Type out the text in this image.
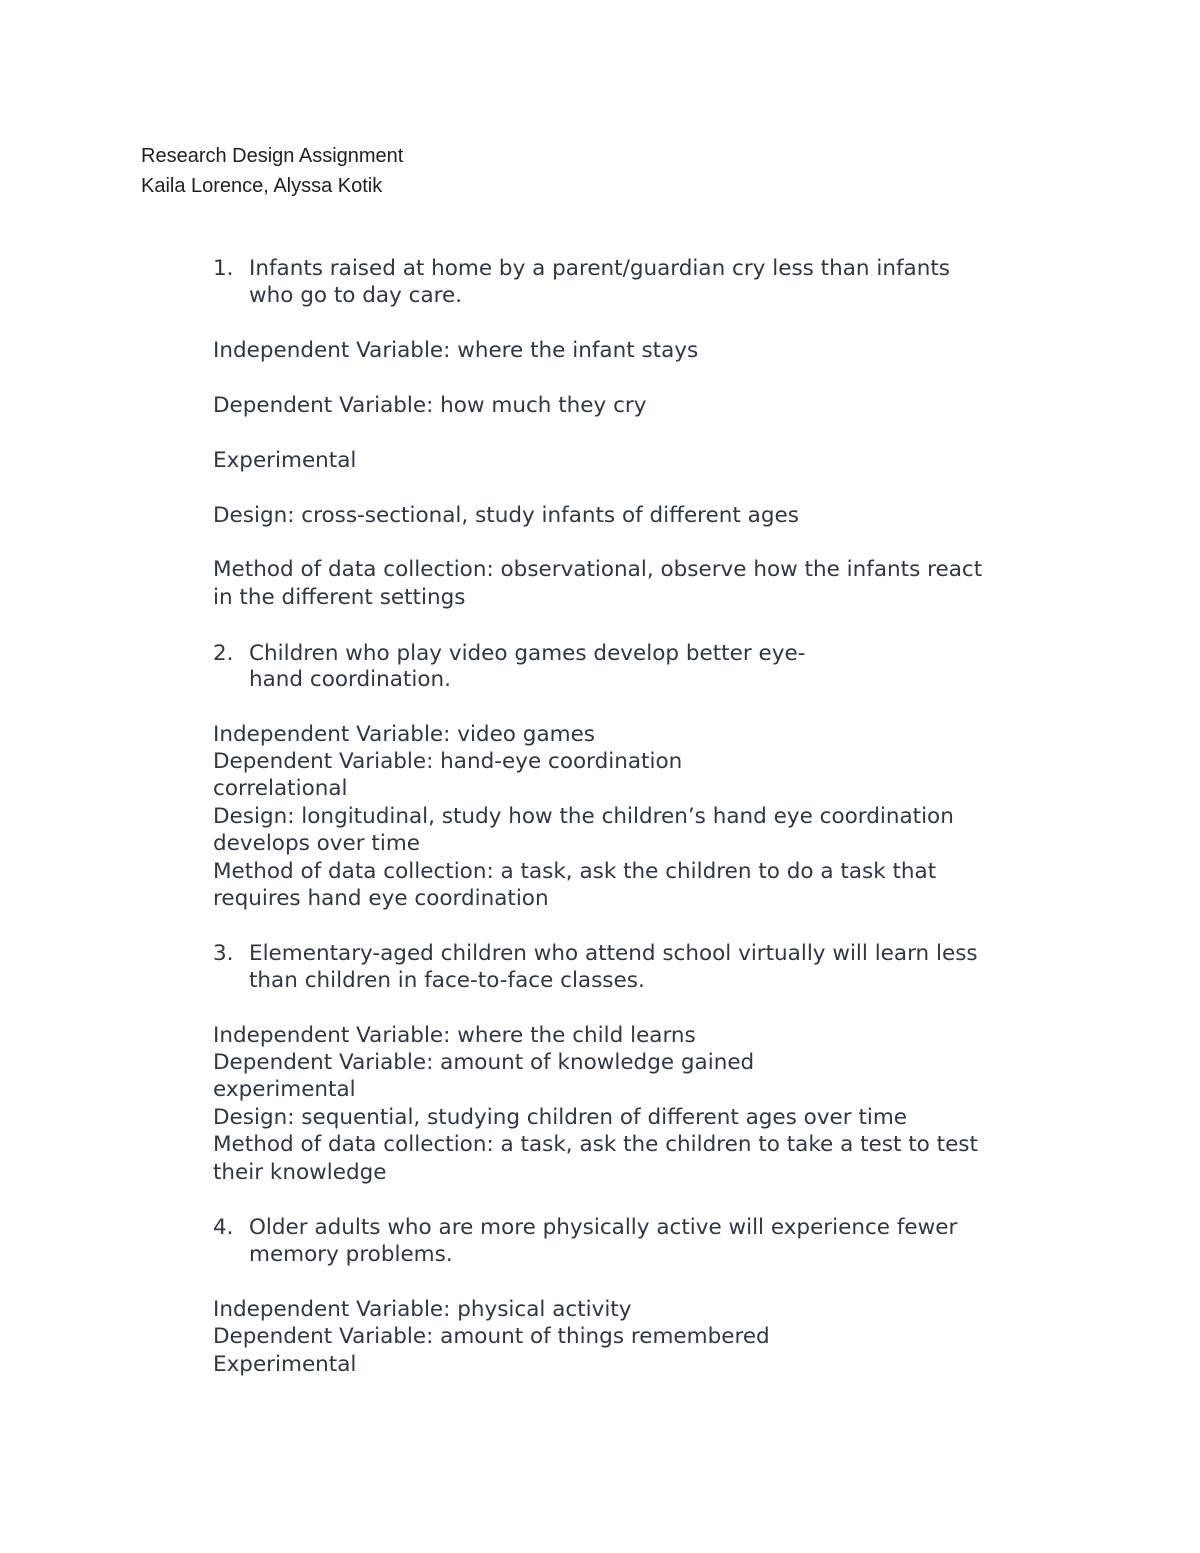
Research Design Assignment
Kaila Lorence, Alyssa Kotik
1. Infants raised at home by a parent/guardian cry less than infants
who go to day care.
Independent Variable: where the infant stays
Dependent Variable: how much they cry
Experimental
Design: cross-sectional, study infants of different ages
Method of data collection: observational, observe how the infants react
in the different settings
2. Children who play video games develop better eye-
hand coordination.
Independent Variable: video games
Dependent Variable: hand-eye coordination
correlational
Design: longitudinal, study how the children’s hand eye coordination
develops over time
Method of data collection: a task, ask the children to do a task that
requires hand eye coordination
3. Elementary-aged children who attend school virtually will learn less
than children in face-to-face classes.
Independent Variable: where the child learns
Dependent Variable: amount of knowledge gained
experimental
Design: sequential, studying children of different ages over time
Method of data collection: a task, ask the children to take a test to test
their knowledge
4. Older adults who are more physically active will experience fewer
memory problems.
Independent Variable: physical activity
Dependent Variable: amount of things remembered
Experimental
